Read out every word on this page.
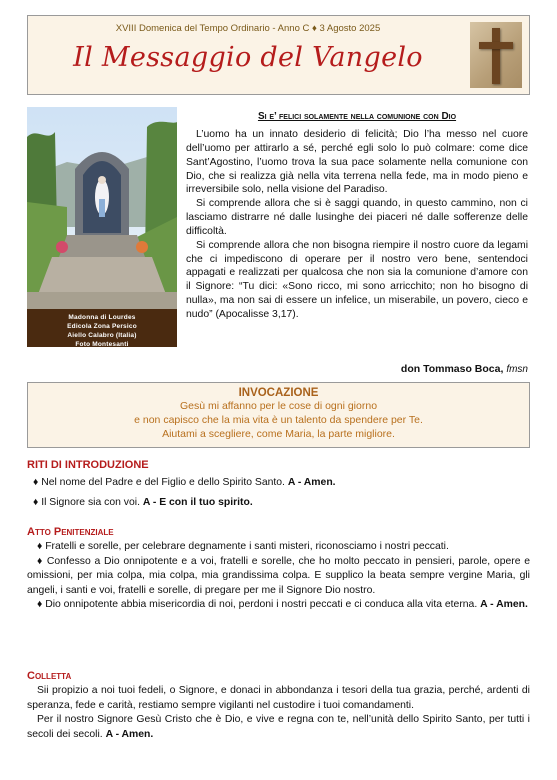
XVIII Domenica del Tempo Ordinario - Anno C ♦ 3 Agosto 2025
Il Messaggio del Vangelo
Madonna di Lourdes
Edicola Zona Persico
Aiello Calabro (Italia)
Foto Montesanti
Si e’ felici solamente nella comunione con Dio

L’uomo ha un innato desiderio di felicità; Dio l’ha messo nel cuore dell’uomo per attirarlo a sé, perché egli solo lo può colmare: come dice Sant’Agostino, l’uomo trova la sua pace solamente nella comunione con Dio, che si realizza già nella vita terrena nella fede, ma in modo pieno e irreversibile solo, nella visione del Paradiso.

Si comprende allora che si è saggi quando, in questo cammino, non ci lasciamo distrarre né dalle lusinghe dei piaceri né dalle sofferenze delle difficoltà.

Si comprende allora che non bisogna riempire il nostro cuore da legami che ci impediscono di operare per il nostro vero bene, sentendoci appagati e realizzati per qualcosa che non sia la comunione d’amore con il Signore: “Tu dici: «Sono ricco, mi sono arricchito; non ho bisogno di nulla», ma non sai di essere un infelice, un miserabile, un povero, cieco e nudo” (Apocalisse 3,17).

don Tommaso Boca, fmsn
INVOCAZIONE
Gesù mi affanno per le cose di ogni giorno
e non capisco che la mia vita è un talento da spendere per Te.
Aiutami a scegliere, come Maria, la parte migliore.
RITI DI INTRODUZIONE

♦ Nel nome del Padre e del Figlio e dello Spirito Santo. A - Amen.

♦ Il Signore sia con voi. A - E con il tuo spirito.

Atto Penitenziale

♦ Fratelli e sorelle, per celebrare degnamente i santi misteri, riconosciamo i nostri peccati.

♦ Confesso a Dio onnipotente e a voi, fratelli e sorelle, che ho molto peccato in pensieri, parole, opere e omissioni, per mia colpa, mia colpa, mia grandissima colpa. E supplico la beata sempre vergine Maria, gli angeli, i santi e voi, fratelli e sorelle, di pregare per me il Signore Dio nostro.

♦ Dio onnipotente abbia misericordia di noi, perdoni i nostri peccati e ci conduca alla vita eterna. A - Amen.

Colletta

Sii propizio a noi tuoi fedeli, o Signore, e donaci in abbondanza i tesori della tua grazia, perché, ardenti di speranza, fede e carità, restiamo sempre vigilanti nel custodire i tuoi comandamenti.

Per il nostro Signore Gesù Cristo che è Dio, e vive e regna con te, nell’unità dello Spirito Santo, per tutti i secoli dei secoli. A - Amen.
